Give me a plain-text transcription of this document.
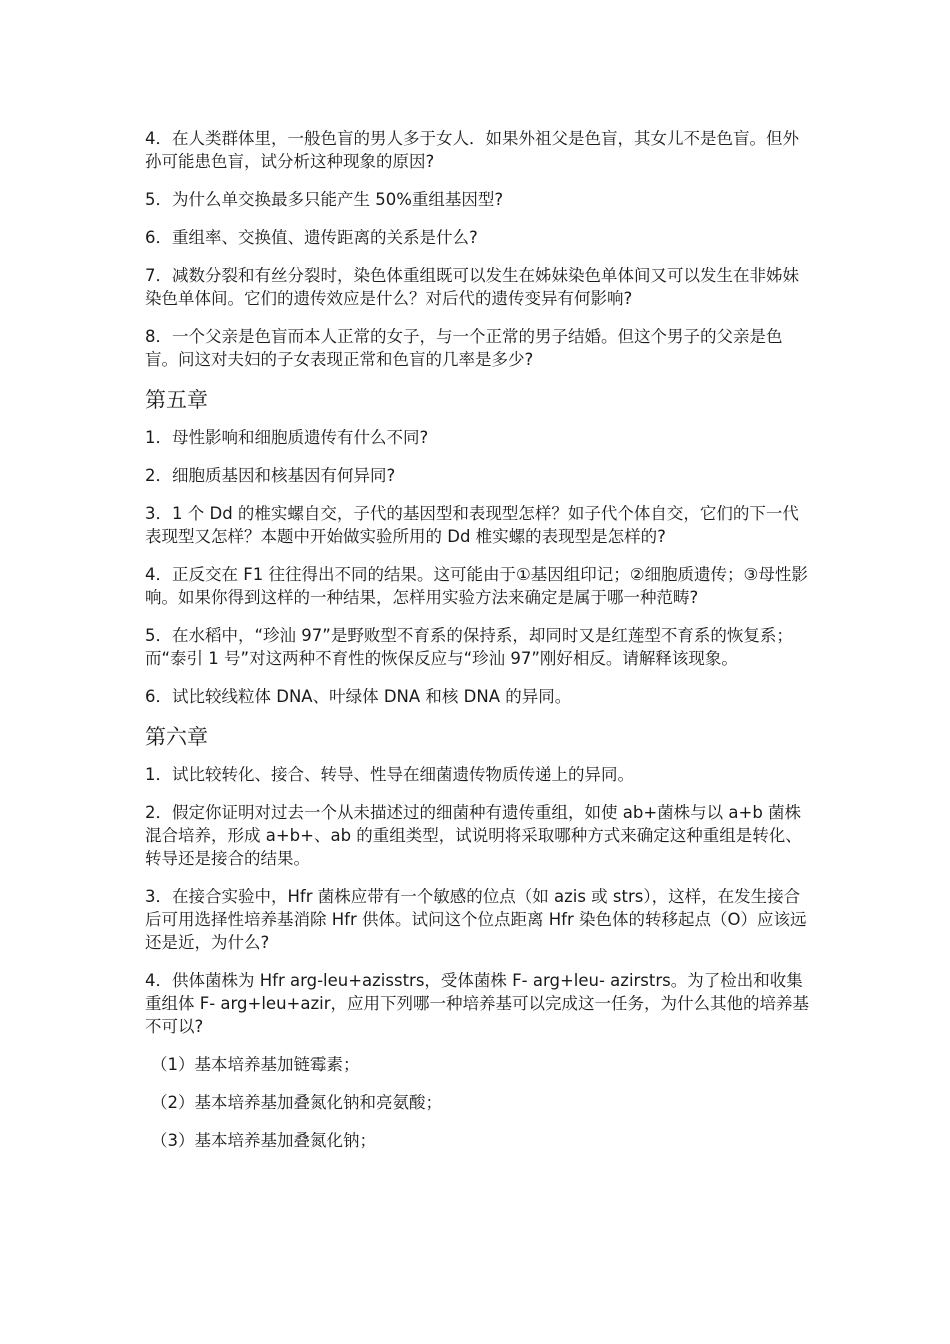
4．在人类群体里，一般色盲的男人多于女人．如果外祖父是色盲，其女儿不是色盲。但外孙可能患色盲，试分析这种现象的原因?

5．为什么单交换最多只能产生 50%重组基因型?

6．重组率、交换值、遗传距离的关系是什么?

7．减数分裂和有丝分裂时，染色体重组既可以发生在姊妹染色单体间又可以发生在非姊妹染色单体间。它们的遗传效应是什么？对后代的遗传变异有何影响?

8．一个父亲是色盲而本人正常的女子，与一个正常的男子结婚。但这个男子的父亲是色盲。问这对夫妇的子女表现正常和色盲的几率是多少?

第五章

1．母性影响和细胞质遗传有什么不同?

2．细胞质基因和核基因有何异同?

3．1 个 Dd 的椎实螺自交，子代的基因型和表现型怎样？如子代个体自交，它们的下一代表现型又怎样？本题中开始做实验所用的 Dd 椎实螺的表现型是怎样的?

4．正反交在 F1 往往得出不同的结果。这可能由于①基因组印记；②细胞质遗传；③母性影响。如果你得到这样的一种结果，怎样用实验方法来确定是属于哪一种范畴?

5．在水稻中，“珍汕 97”是野败型不育系的保持系，却同时又是红莲型不育系的恢复系；而“泰引 1 号”对这两种不育性的恢保反应与“珍汕 97”刚好相反。请解释该现象。

6．试比较线粒体 DNA、叶绿体 DNA 和核 DNA 的异同。

第六章

1．试比较转化、接合、转导、性导在细菌遗传物质传递上的异同。

2．假定你证明对过去一个从未描述过的细菌种有遗传重组，如使 ab+菌株与以 a+b 菌株混合培养，形成 a+b+、ab 的重组类型，试说明将采取哪种方式来确定这种重组是转化、转导还是接合的结果。

3．在接合实验中，Hfr 菌株应带有一个敏感的位点（如 azis 或 strs），这样，在发生接合后可用选择性培养基消除 Hfr 供体。试问这个位点距离 Hfr 染色体的转移起点（O）应该远还是近，为什么?

4．供体菌株为 Hfr arg-leu+azisstrs，受体菌株 F- arg+leu- azirstrs。为了检出和收集重组体 F- arg+leu+azir，应用下列哪一种培养基可以完成这一任务，为什么其他的培养基不可以?

（1）基本培养基加链霉素；

（2）基本培养基加叠氮化钠和亮氨酸；

（3）基本培养基加叠氮化钠；
